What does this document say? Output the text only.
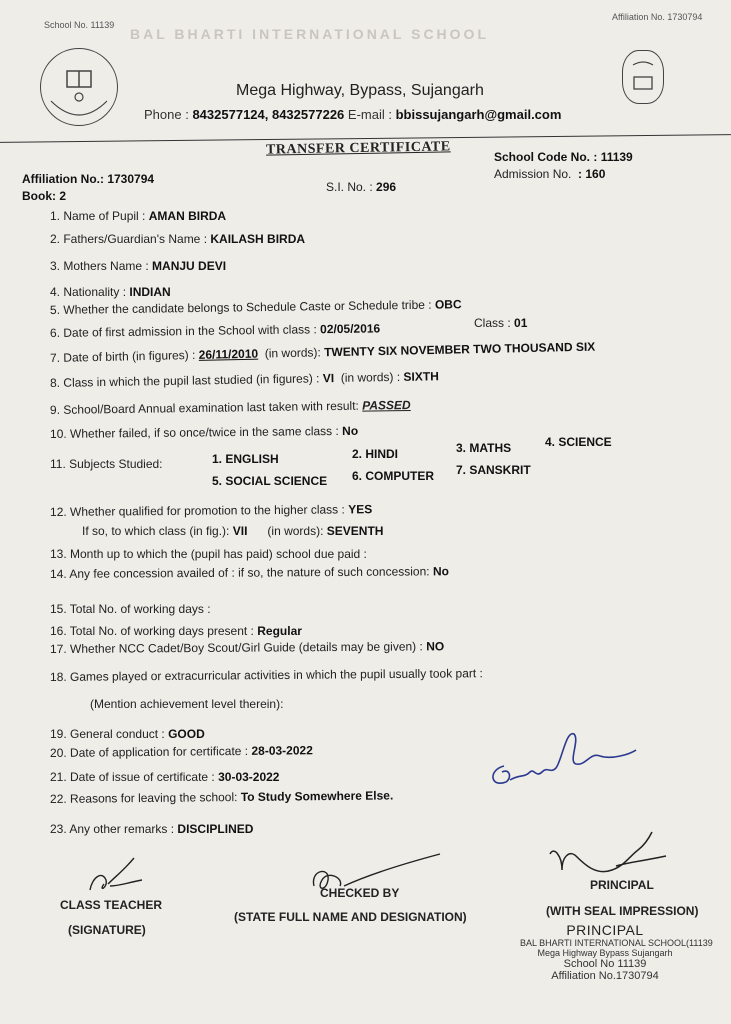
School No. 11139
Affiliation No. 1730794
BAL BHARTI INTERNATIONAL SCHOOL
Mega Highway, Bypass, Sujangarh
Phone : 8432577124, 8432577226 E-mail : bbissujangarh@gmail.com
TRANSFER CERTIFICATE
Affiliation No.: 1730794
Book: 2
S.I. No. : 296
School Code No. : 11139
Admission No. : 160
1. Name of Pupil : AMAN BIRDA
2. Fathers/Guardian's Name : KAILASH BIRDA
3. Mothers Name : MANJU DEVI
4. Nationality : INDIAN
5. Whether the candidate belongs to Schedule Caste or Schedule tribe : OBC
6. Date of first admission in the School with class : 02/05/2016	Class : 01
7. Date of birth (in figures) : 26/11/2010 (in words): TWENTY SIX NOVEMBER TWO THOUSAND SIX
8. Class in which the pupil last studied (in figures) : VI (in words) : SIXTH
9. School/Board Annual examination last taken with result: PASSED
10. Whether failed, if so once/twice in the same class : No
11. Subjects Studied:	1. ENGLISH	2. HINDI	3. MATHS	4. SCIENCE
5. SOCIAL SCIENCE 6. COMPUTER 7. SANSKRIT
12. Whether qualified for promotion to the higher class : YES
If so, to which class (in fig.): VII (in words): SEVENTH
13. Month up to which the (pupil has paid) school due paid :
14. Any fee concession availed of : if so, the nature of such concession: No
15. Total No. of working days :
16. Total No. of working days present : Regular
17. Whether NCC Cadet/Boy Scout/Girl Guide (details may be given) : NO
18. Games played or extracurricular activities in which the pupil usually took part :
(Mention achievement level therein):
19. General conduct : GOOD
20. Date of application for certificate : 28-03-2022
21. Date of issue of certificate : 30-03-2022
22. Reasons for leaving the school: To Study Somewhere Else.
23. Any other remarks : DISCIPLINED
CLASS TEACHER
(SIGNATURE)
CHECKED BY
(STATE FULL NAME AND DESIGNATION)
PRINCIPAL
(WITH SEAL IMPRESSION)
PRINCIPAL
BAL BHARTI INTERNATIONAL SCHOOL(11139
Mega Highway Bypass Sujangarh
School No 11139
Affiliation No.1730794
